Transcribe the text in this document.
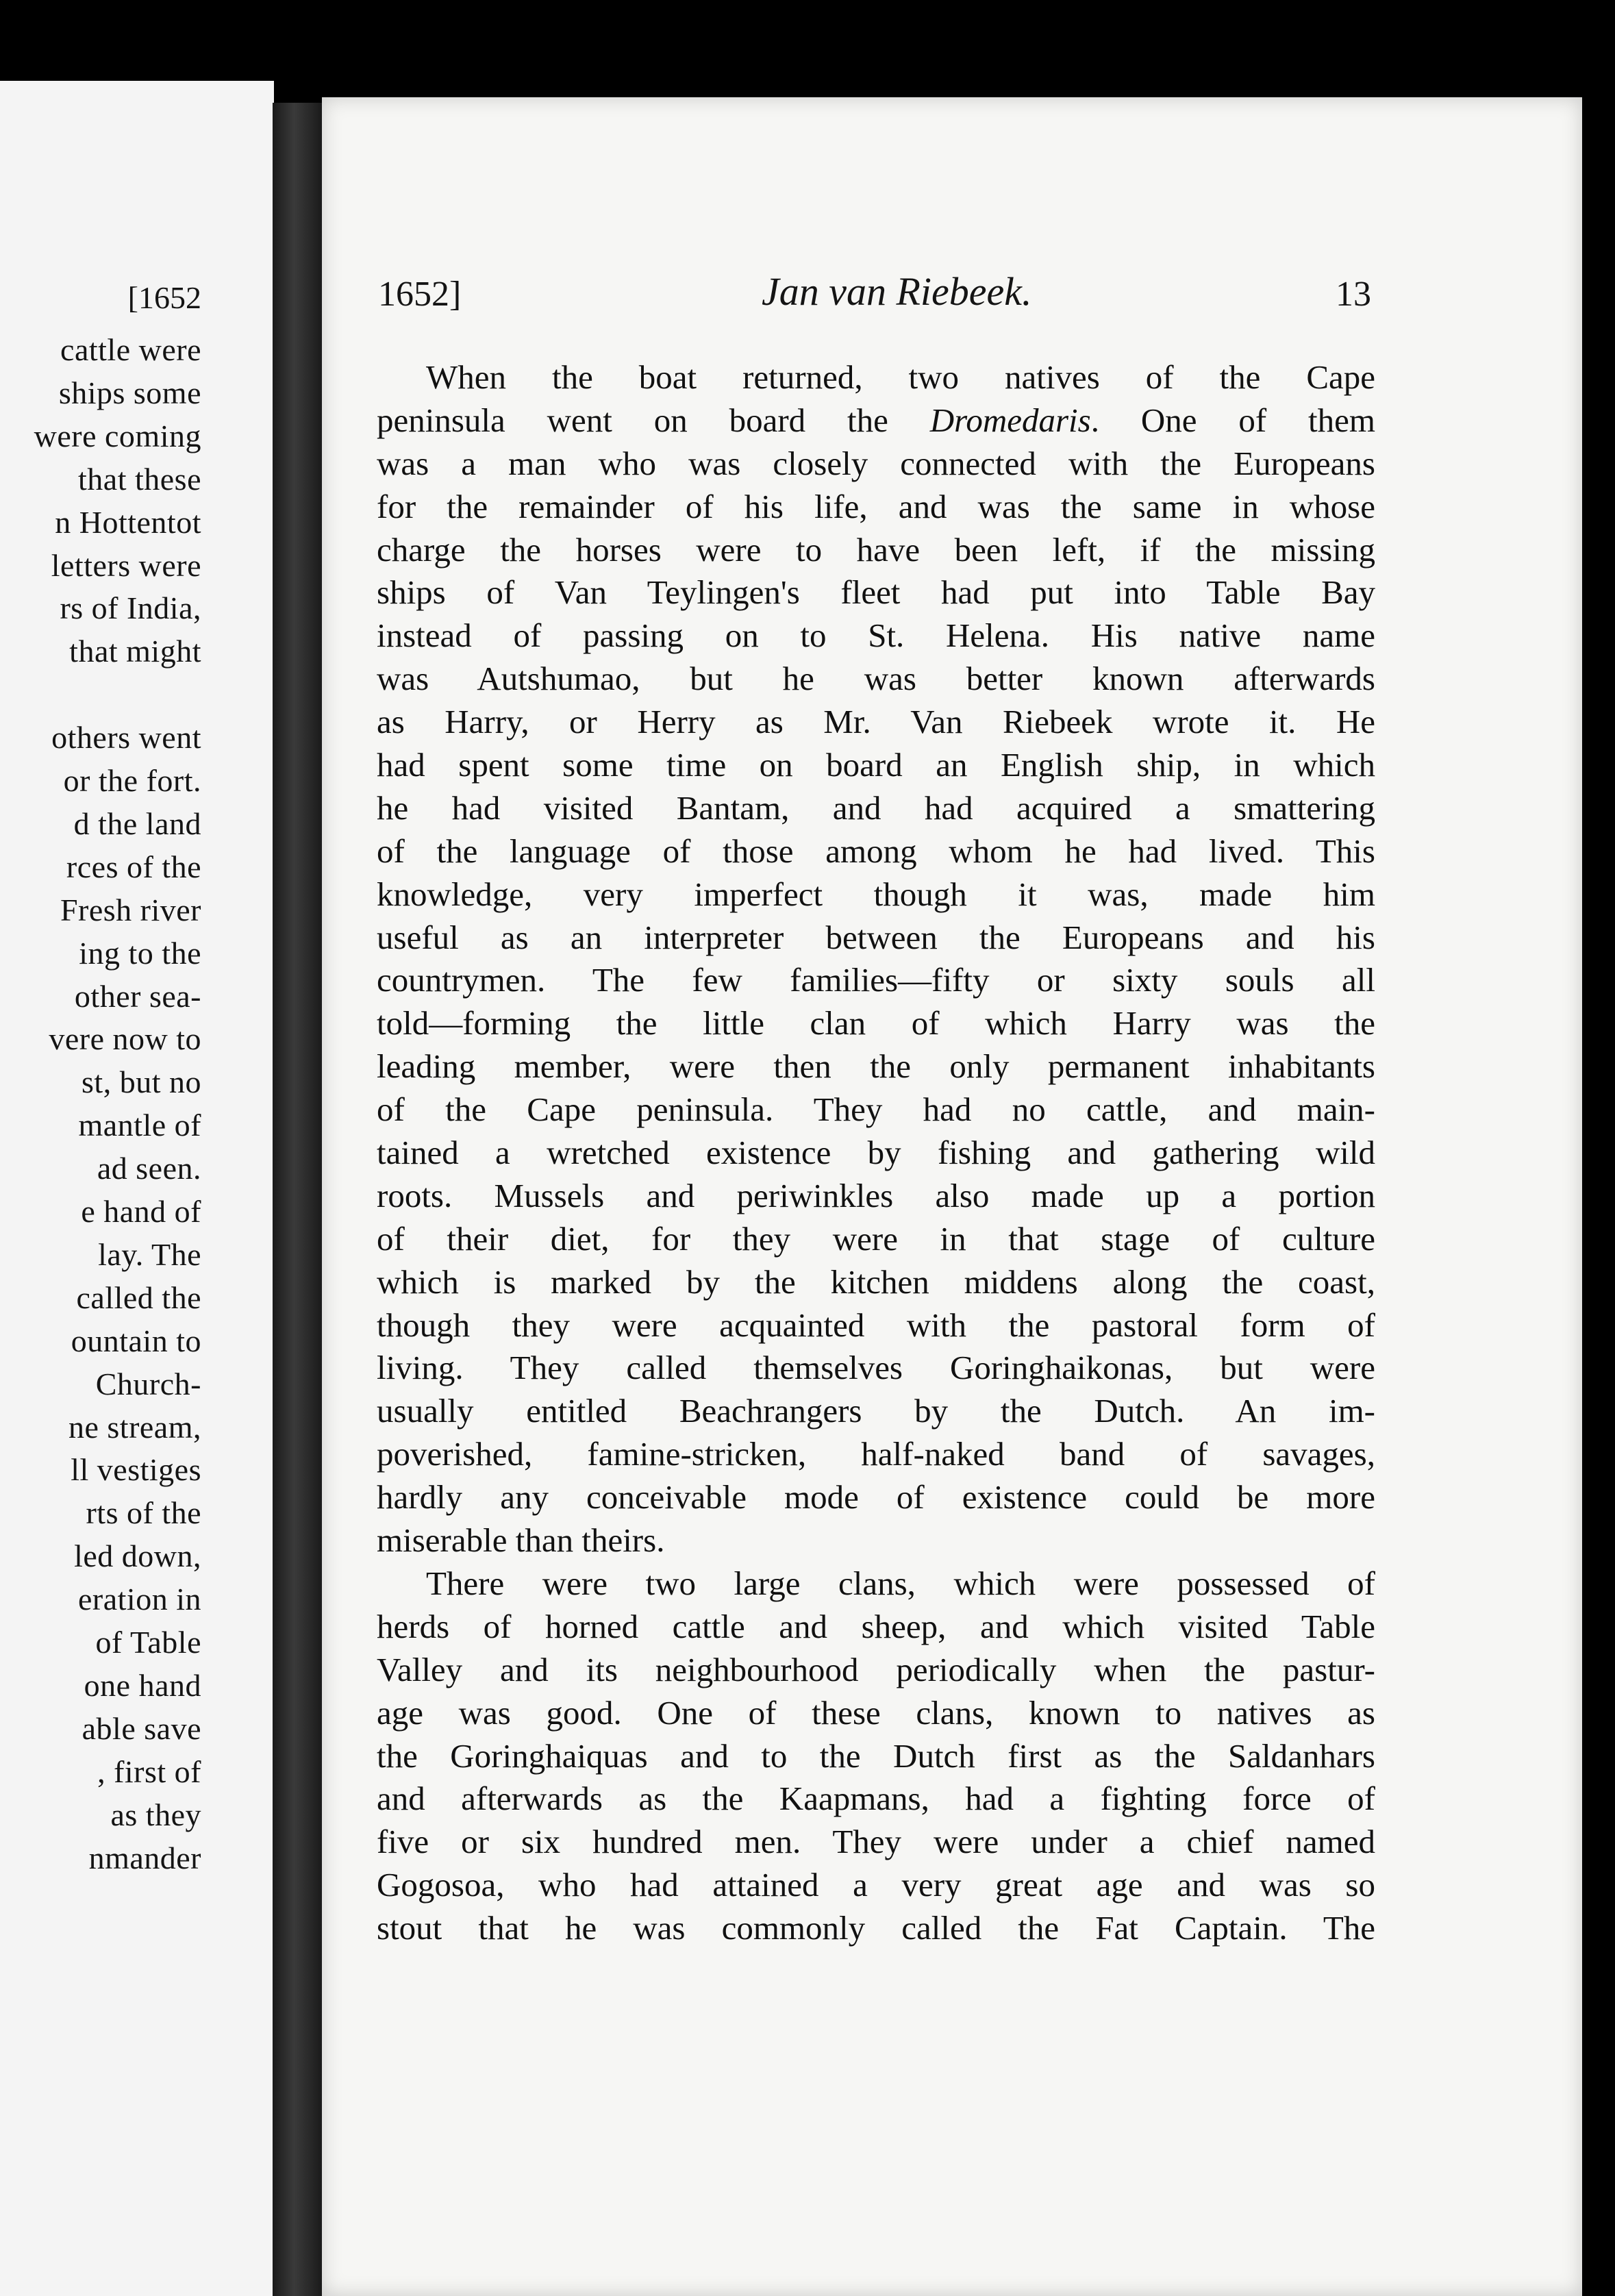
[1652
cattle were
ships some
were coming
that these
n Hottentot
letters were
rs of India,
that might
others went
or the fort.
d the land
rces of the
Fresh river
ing to the
other sea-
vere now to
st, but no
mantle of
ad seen.
e hand of
lay. The
called the
ountain to
Church-
ne stream,
ll vestiges
rts of the
led down,
eration in
of Table
one hand
able save
, first of
as they
nmander
1652]	Jan van Riebeek.	13
When the boat returned, two natives of the Cape
peninsula went on board the Dromedaris. One of them
was a man who was closely connected with the Europeans
for the remainder of his life, and was the same in whose
charge the horses were to have been left, if the missing
ships of Van Teylingen's fleet had put into Table Bay
instead of passing on to St. Helena. His native name
was Autshumao, but he was better known afterwards
as Harry, or Herry as Mr. Van Riebeek wrote it. He
had spent some time on board an English ship, in which
he had visited Bantam, and had acquired a smattering
of the language of those among whom he had lived. This
knowledge, very imperfect though it was, made him
useful as an interpreter between the Europeans and his
countrymen. The few families—fifty or sixty souls all
told—forming the little clan of which Harry was the
leading member, were then the only permanent inhabitants
of the Cape peninsula. They had no cattle, and main-
tained a wretched existence by fishing and gathering wild
roots. Mussels and periwinkles also made up a portion
of their diet, for they were in that stage of culture
which is marked by the kitchen middens along the coast,
though they were acquainted with the pastoral form of
living. They called themselves Goringhaikonas, but were
usually entitled Beachrangers by the Dutch. An im-
poverished, famine-stricken, half-naked band of savages,
hardly any conceivable mode of existence could be more
miserable than theirs.
There were two large clans, which were possessed of
herds of horned cattle and sheep, and which visited Table
Valley and its neighbourhood periodically when the pastur-
age was good. One of these clans, known to natives as
the Goringhaiquas and to the Dutch first as the Saldanhars
and afterwards as the Kaapmans, had a fighting force of
five or six hundred men. They were under a chief named
Gogosoa, who had attained a very great age and was so
stout that he was commonly called the Fat Captain. The
